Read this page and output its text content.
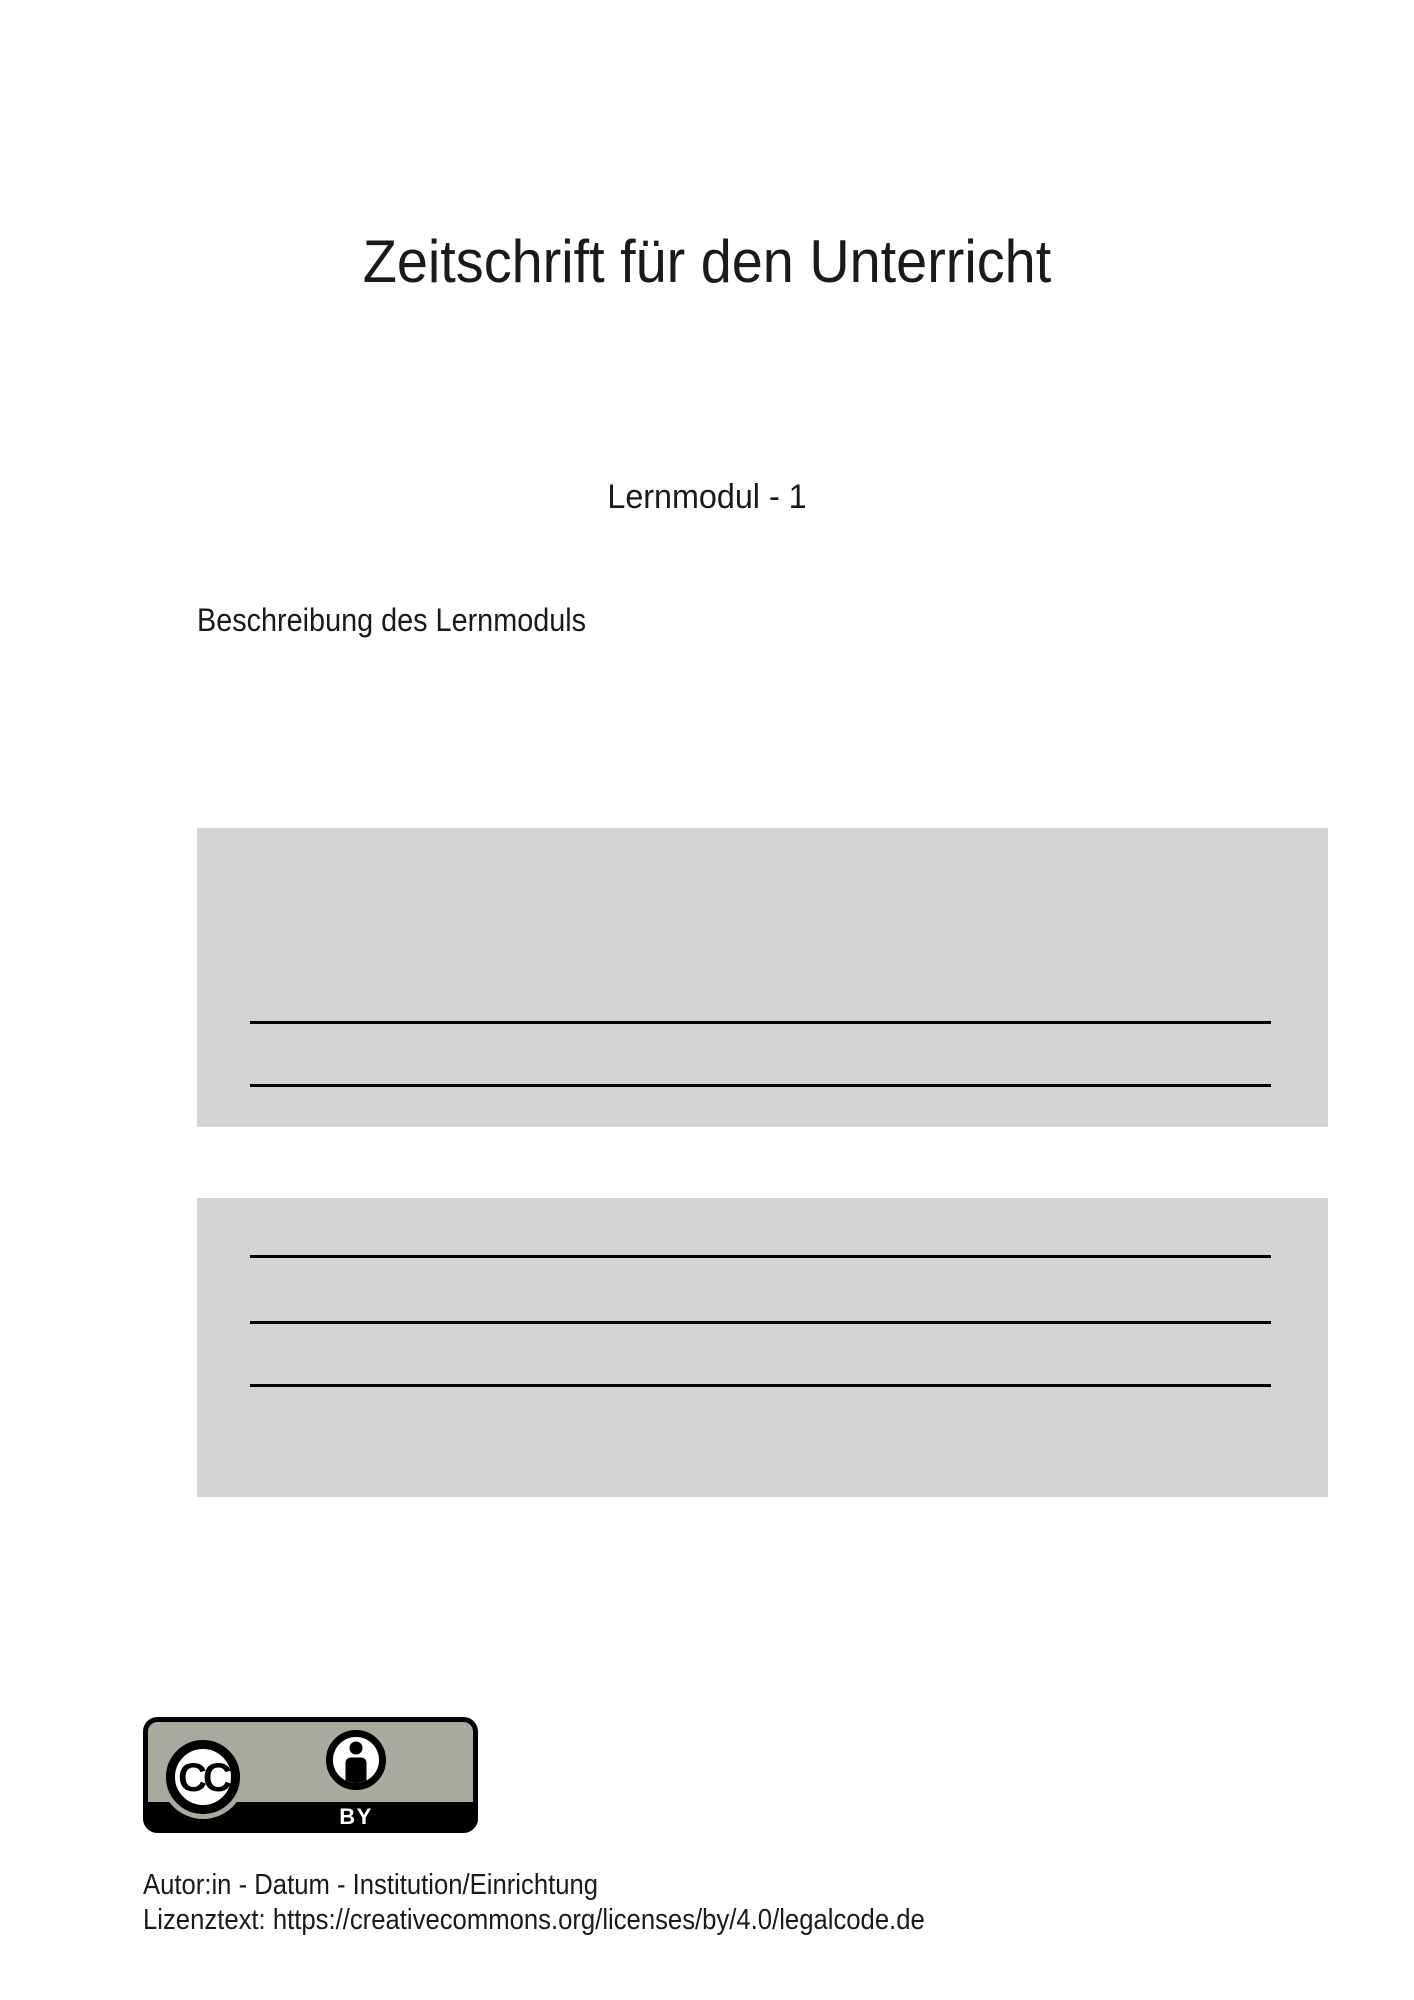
Zeitschrift für den Unterricht
Lernmodul - 1
Beschreibung des Lernmoduls
CC
BY
Autor:in - Datum - Institution/Einrichtung
Lizenztext: https://creativecommons.org/licenses/by/4.0/legalcode.de
